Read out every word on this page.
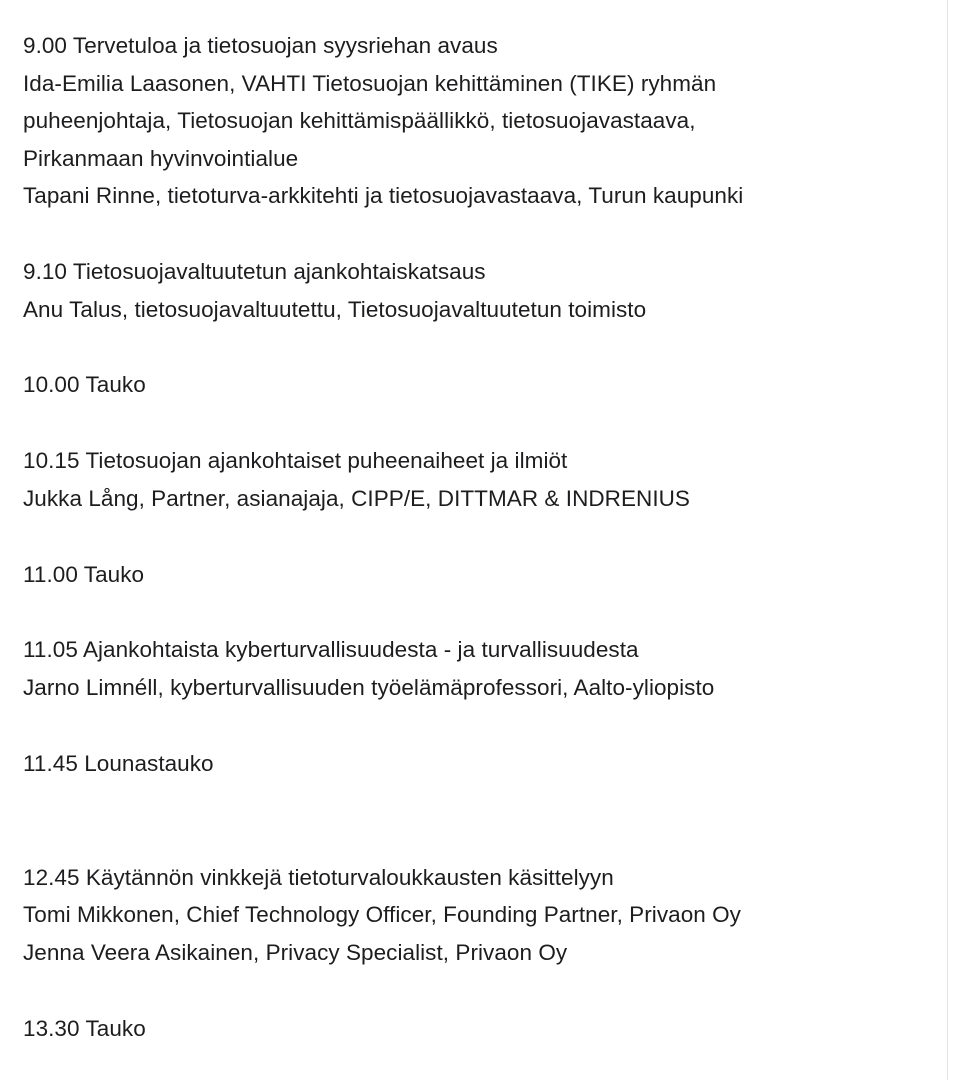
9.00 Tervetuloa ja tietosuojan syysriehan avaus
Ida-Emilia Laasonen, VAHTI Tietosuojan kehittäminen (TIKE) ryhmän
puheenjohtaja, Tietosuojan kehittämispäällikkö, tietosuojavastaava,
Pirkanmaan hyvinvointialue
Tapani Rinne, tietoturva-arkkitehti ja tietosuojavastaava, Turun kaupunki
9.10 Tietosuojavaltuutetun ajankohtaiskatsaus
Anu Talus, tietosuojavaltuutettu, Tietosuojavaltuutetun toimisto
10.00 Tauko
10.15 Tietosuojan ajankohtaiset puheenaiheet ja ilmiöt
Jukka Lång, Partner, asianajaja, CIPP/E, DITTMAR & INDRENIUS
11.00 Tauko
11.05 Ajankohtaista kyberturvallisuudesta - ja turvallisuudesta
Jarno Limnéll, kyberturvallisuuden työelämäprofessori, Aalto-yliopisto
11.45 Lounastauko
12.45 Käytännön vinkkejä tietoturvaloukkausten käsittelyyn
Tomi Mikkonen, Chief Technology Officer, Founding Partner, Privaon Oy
Jenna Veera Asikainen, Privacy Specialist, Privaon Oy
13.30 Tauko
